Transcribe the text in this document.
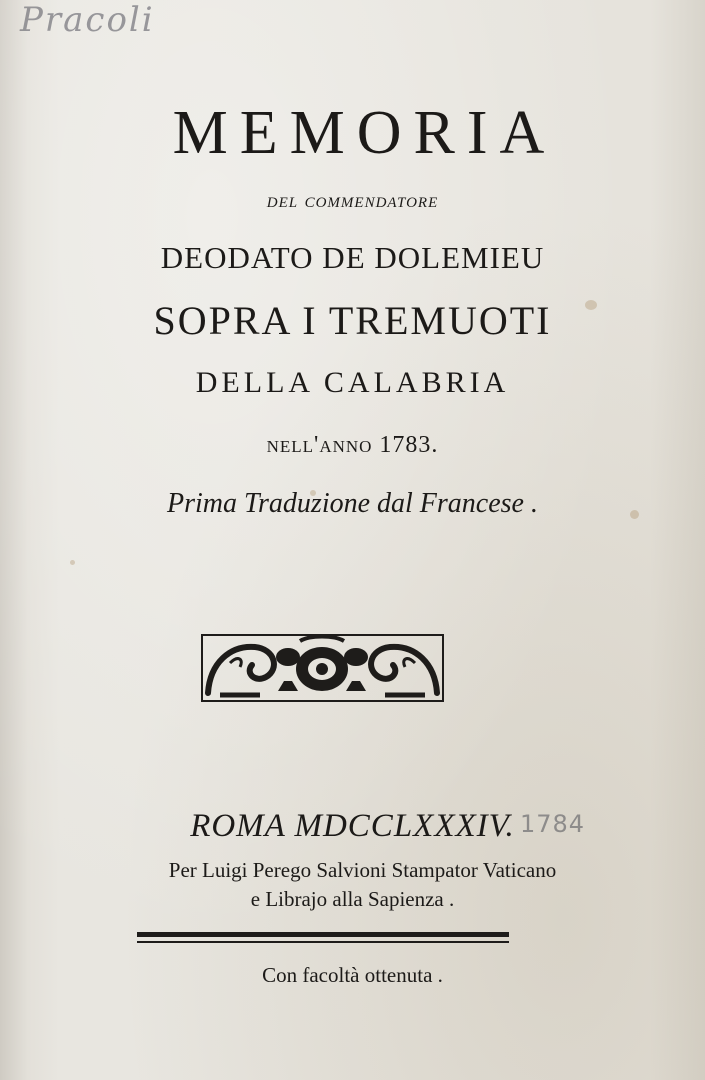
Pracoli
MEMORIA
del commendatore
DEODATO DE DOLEMIEU
SOPRA I TREMUOTI
DELLA CALABRIA
nell'anno 1783.
Prima Traduzione dal Francese .
ROMA MDCCLXXXIV. 1784
Per Luigi Perego Salvioni Stampator Vaticano
e Librajo alla Sapienza .
Con facoltà ottenuta .
